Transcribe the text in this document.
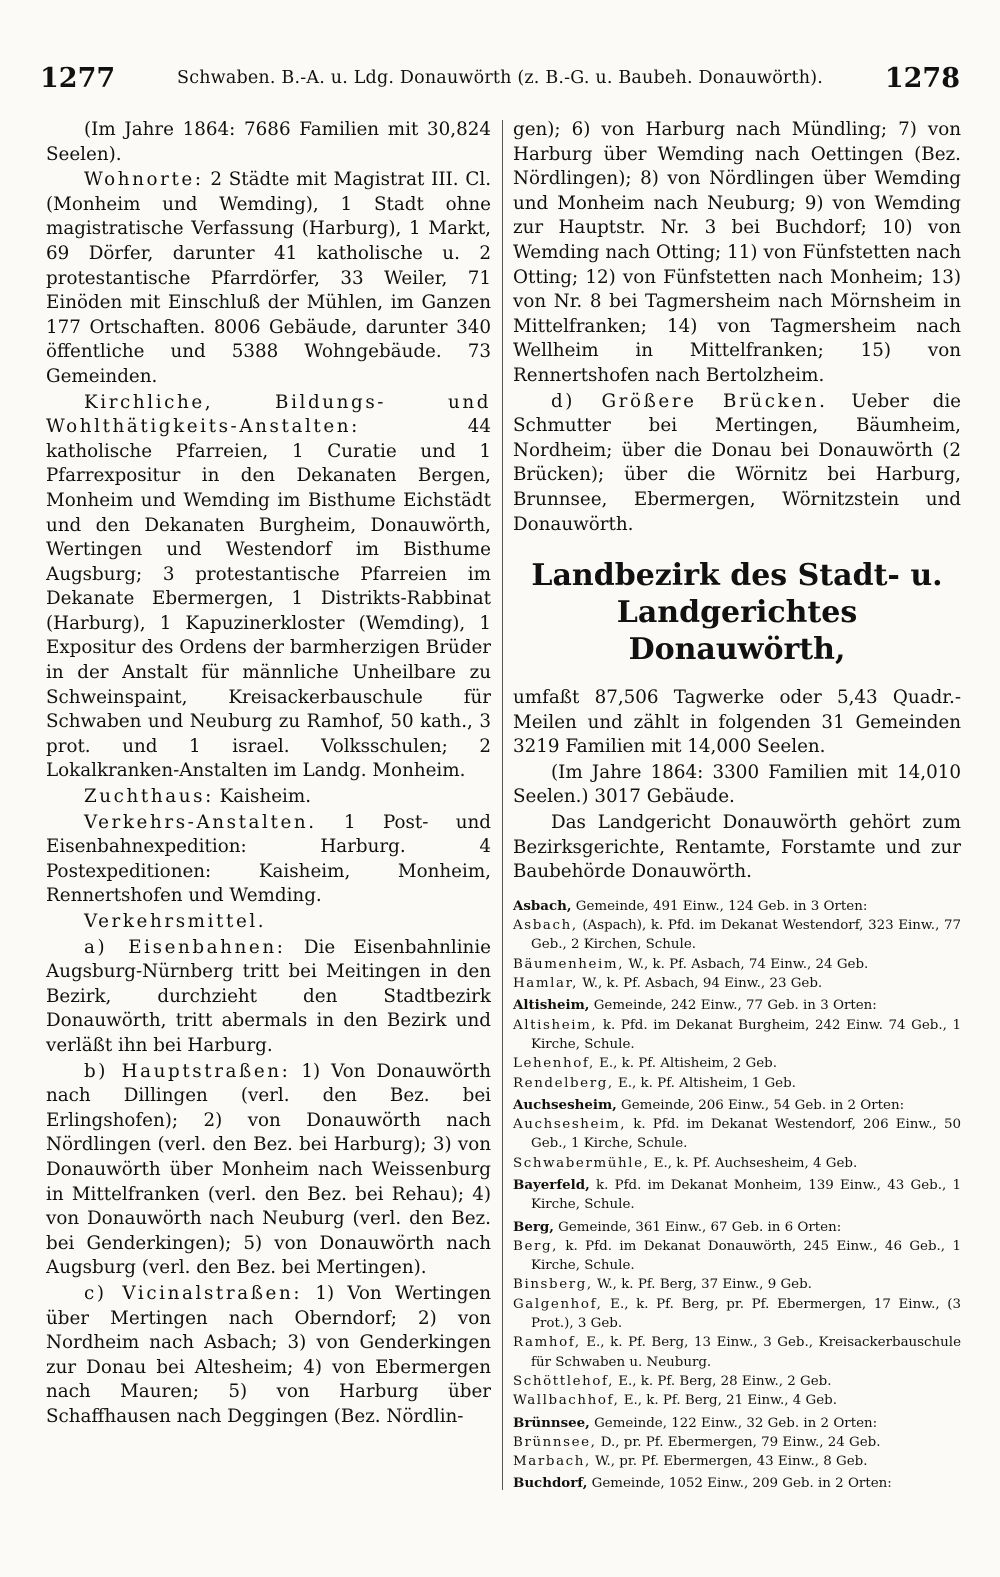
1277	Schwaben. B.-A. u. Ldg. Donauwörth (z. B.-G. u. Baubeh. Donauwörth). 1278

(Im Jahre 1864: 7686 Familien mit 30,824 Seelen).

Wohnorte: 2 Städte mit Magistrat III. Cl. (Monheim und Wemding), 1 Stadt ohne magistratische Verfassung (Harburg), 1 Markt, 69 Dörfer, darunter 41 katholische u. 2 protestantische Pfarrdörfer, 33 Weiler, 71 Einöden mit Einschluß der Mühlen, im Ganzen 177 Ortschaften. 8006 Gebäude, darunter 340 öffentliche und 5388 Wohngebäude. 73 Gemeinden.

Kirchliche, Bildungs- und Wohlthätigkeits-Anstalten:	44 katholische Pfarreien, 1 Curatie und 1 Pfarrexpositur in den Dekanaten Bergen, Monheim und Wemding im Bisthume Eichstädt und den Dekanaten Burgheim, Donauwörth, Wertingen und Westendorf im Bisthume Augsburg; 3 protestantische Pfarreien im Dekanate Ebermergen, 1 Distrikts-Rabbinat (Harburg), 1 Kapuzinerkloster (Wemding), 1 Expositur des Ordens der barmherzigen Brüder in der Anstalt für männliche Unheilbare zu Schweinspaint, Kreisackerbauschule für Schwaben und Neuburg zu Ramhof, 50 kath., 3 prot. und 1 israel. Volksschulen; 2 Lokalkranken-Anstalten im Landg. Monheim.

Zuchthaus: Kaisheim.

Verkehrs-Anstalten. 1 Post- und Eisenbahnexpedition: Harburg. 4 Postexpeditionen: Kaisheim, Monheim, Rennertshofen und Wemding.

Verkehrsmittel.

a) Eisenbahnen: Die Eisenbahnlinie Augsburg-Nürnberg tritt bei Meitingen in den Bezirk, durchzieht den Stadtbezirk Donauwörth, tritt abermals in den Bezirk und verläßt ihn bei Harburg.

b) Hauptstraßen: 1) Von Donauwörth nach Dillingen (verl. den Bez. bei Erlingshofen); 2) von Donauwörth nach Nördlingen (verl. den Bez. bei Harburg); 3) von Donauwörth über Monheim nach Weissenburg in Mittelfranken (verl. den Bez. bei Rehau); 4) von Donauwörth nach Neuburg (verl. den Bez. bei Genderkingen); 5) von Donauwörth nach Augsburg (verl. den Bez. bei Mertingen).

c) Vicinalstraßen: 1) Von Wertingen über Mertingen nach Oberndorf; 2) von Nordheim nach Asbach; 3) von Genderkingen zur Donau bei Altesheim; 4) von Ebermergen nach Mauren; 5) von Harburg über Schaffhausen nach Deggingen (Bez. Nördlin-

gen); 6) von Harburg nach Mündling; 7) von Harburg über Wemding nach Oettingen (Bez. Nördlingen); 8) von Nördlingen über Wemding und Monheim nach Neuburg; 9) von Wemding zur Hauptstr. Nr. 3 bei Buchdorf; 10) von Wemding nach Otting; 11) von Fünfstetten nach Otting; 12) von Fünfstetten nach Monheim; 13) von Nr. 8 bei Tagmersheim nach Mörnsheim in Mittelfranken; 14) von Tagmersheim nach Wellheim in Mittelfranken; 15) von Rennertshofen nach Bertolzheim.

d) Größere Brücken. Ueber die Schmutter bei Mertingen, Bäumheim, Nordheim; über die Donau bei Donauwörth (2 Brücken); über die Wörnitz bei Harburg, Brunnsee, Ebermergen, Wörnitzstein und Donauwörth.

Landbezirk des Stadt- u. Landgerichtes Donauwörth,

umfaßt 87,506 Tagwerke oder 5,43 Quadr.-Meilen und zählt in folgenden 31 Gemeinden 3219 Familien mit 14,000 Seelen.

(Im Jahre 1864: 3300 Familien mit 14,010 Seelen.) 3017 Gebäude.

Das Landgericht Donauwörth gehört zum Bezirksgerichte, Rentamte, Forstamte und zur Baubehörde Donauwörth.

Asbach, Gemeinde, 491 Einw., 124 Geb. in 3 Orten:

Asbach, (Aspach), k. Pfd. im Dekanat Westendorf, 323 Einw., 77 Geb., 2 Kirchen, Schule.

Bäumenheim, W., k. Pf. Asbach, 74 Einw., 24 Geb.

Hamlar, W., k. Pf. Asbach, 94 Einw., 23 Geb.

Altisheim, Gemeinde, 242 Einw., 77 Geb. in 3 Orten:

Altisheim, k. Pfd. im Dekanat Burgheim, 242 Einw. 74 Geb., 1 Kirche, Schule.

Lehenhof, E., k. Pf. Altisheim, 2 Geb.

Rendelberg, E., k. Pf. Altisheim, 1 Geb.

Auchsesheim, Gemeinde, 206 Einw., 54 Geb. in 2 Orten:

Auchsesheim, k. Pfd. im Dekanat Westendorf, 206 Einw., 50 Geb., 1 Kirche, Schule.

Schwabermühle, E., k. Pf. Auchsesheim, 4 Geb.

Bayerfeld, k. Pfd. im Dekanat Monheim, 139 Einw., 43 Geb., 1 Kirche, Schule.

Berg, Gemeinde, 361 Einw., 67 Geb. in 6 Orten:

Berg, k. Pfd. im Dekanat Donauwörth, 245 Einw., 46 Geb., 1 Kirche, Schule.

Binsberg, W., k. Pf. Berg, 37 Einw., 9 Geb.

Galgenhof, E., k. Pf. Berg, pr. Pf. Ebermergen, 17 Einw., (3 Prot.), 3 Geb.

Ramhof, E., k. Pf. Berg, 13 Einw., 3 Geb., Kreisackerbauschule für Schwaben u. Neuburg.

Schöttlehof, E., k. Pf. Berg, 28 Einw., 2 Geb.

Wallbachhof, E., k. Pf. Berg, 21 Einw., 4 Geb.

Brünnsee, Gemeinde, 122 Einw., 32 Geb. in 2 Orten:

Brünnsee, D., pr. Pf. Ebermergen, 79 Einw., 24 Geb.

Marbach, W., pr. Pf. Ebermergen, 43 Einw., 8 Geb.

Buchdorf, Gemeinde, 1052 Einw., 209 Geb. in 2 Orten:
